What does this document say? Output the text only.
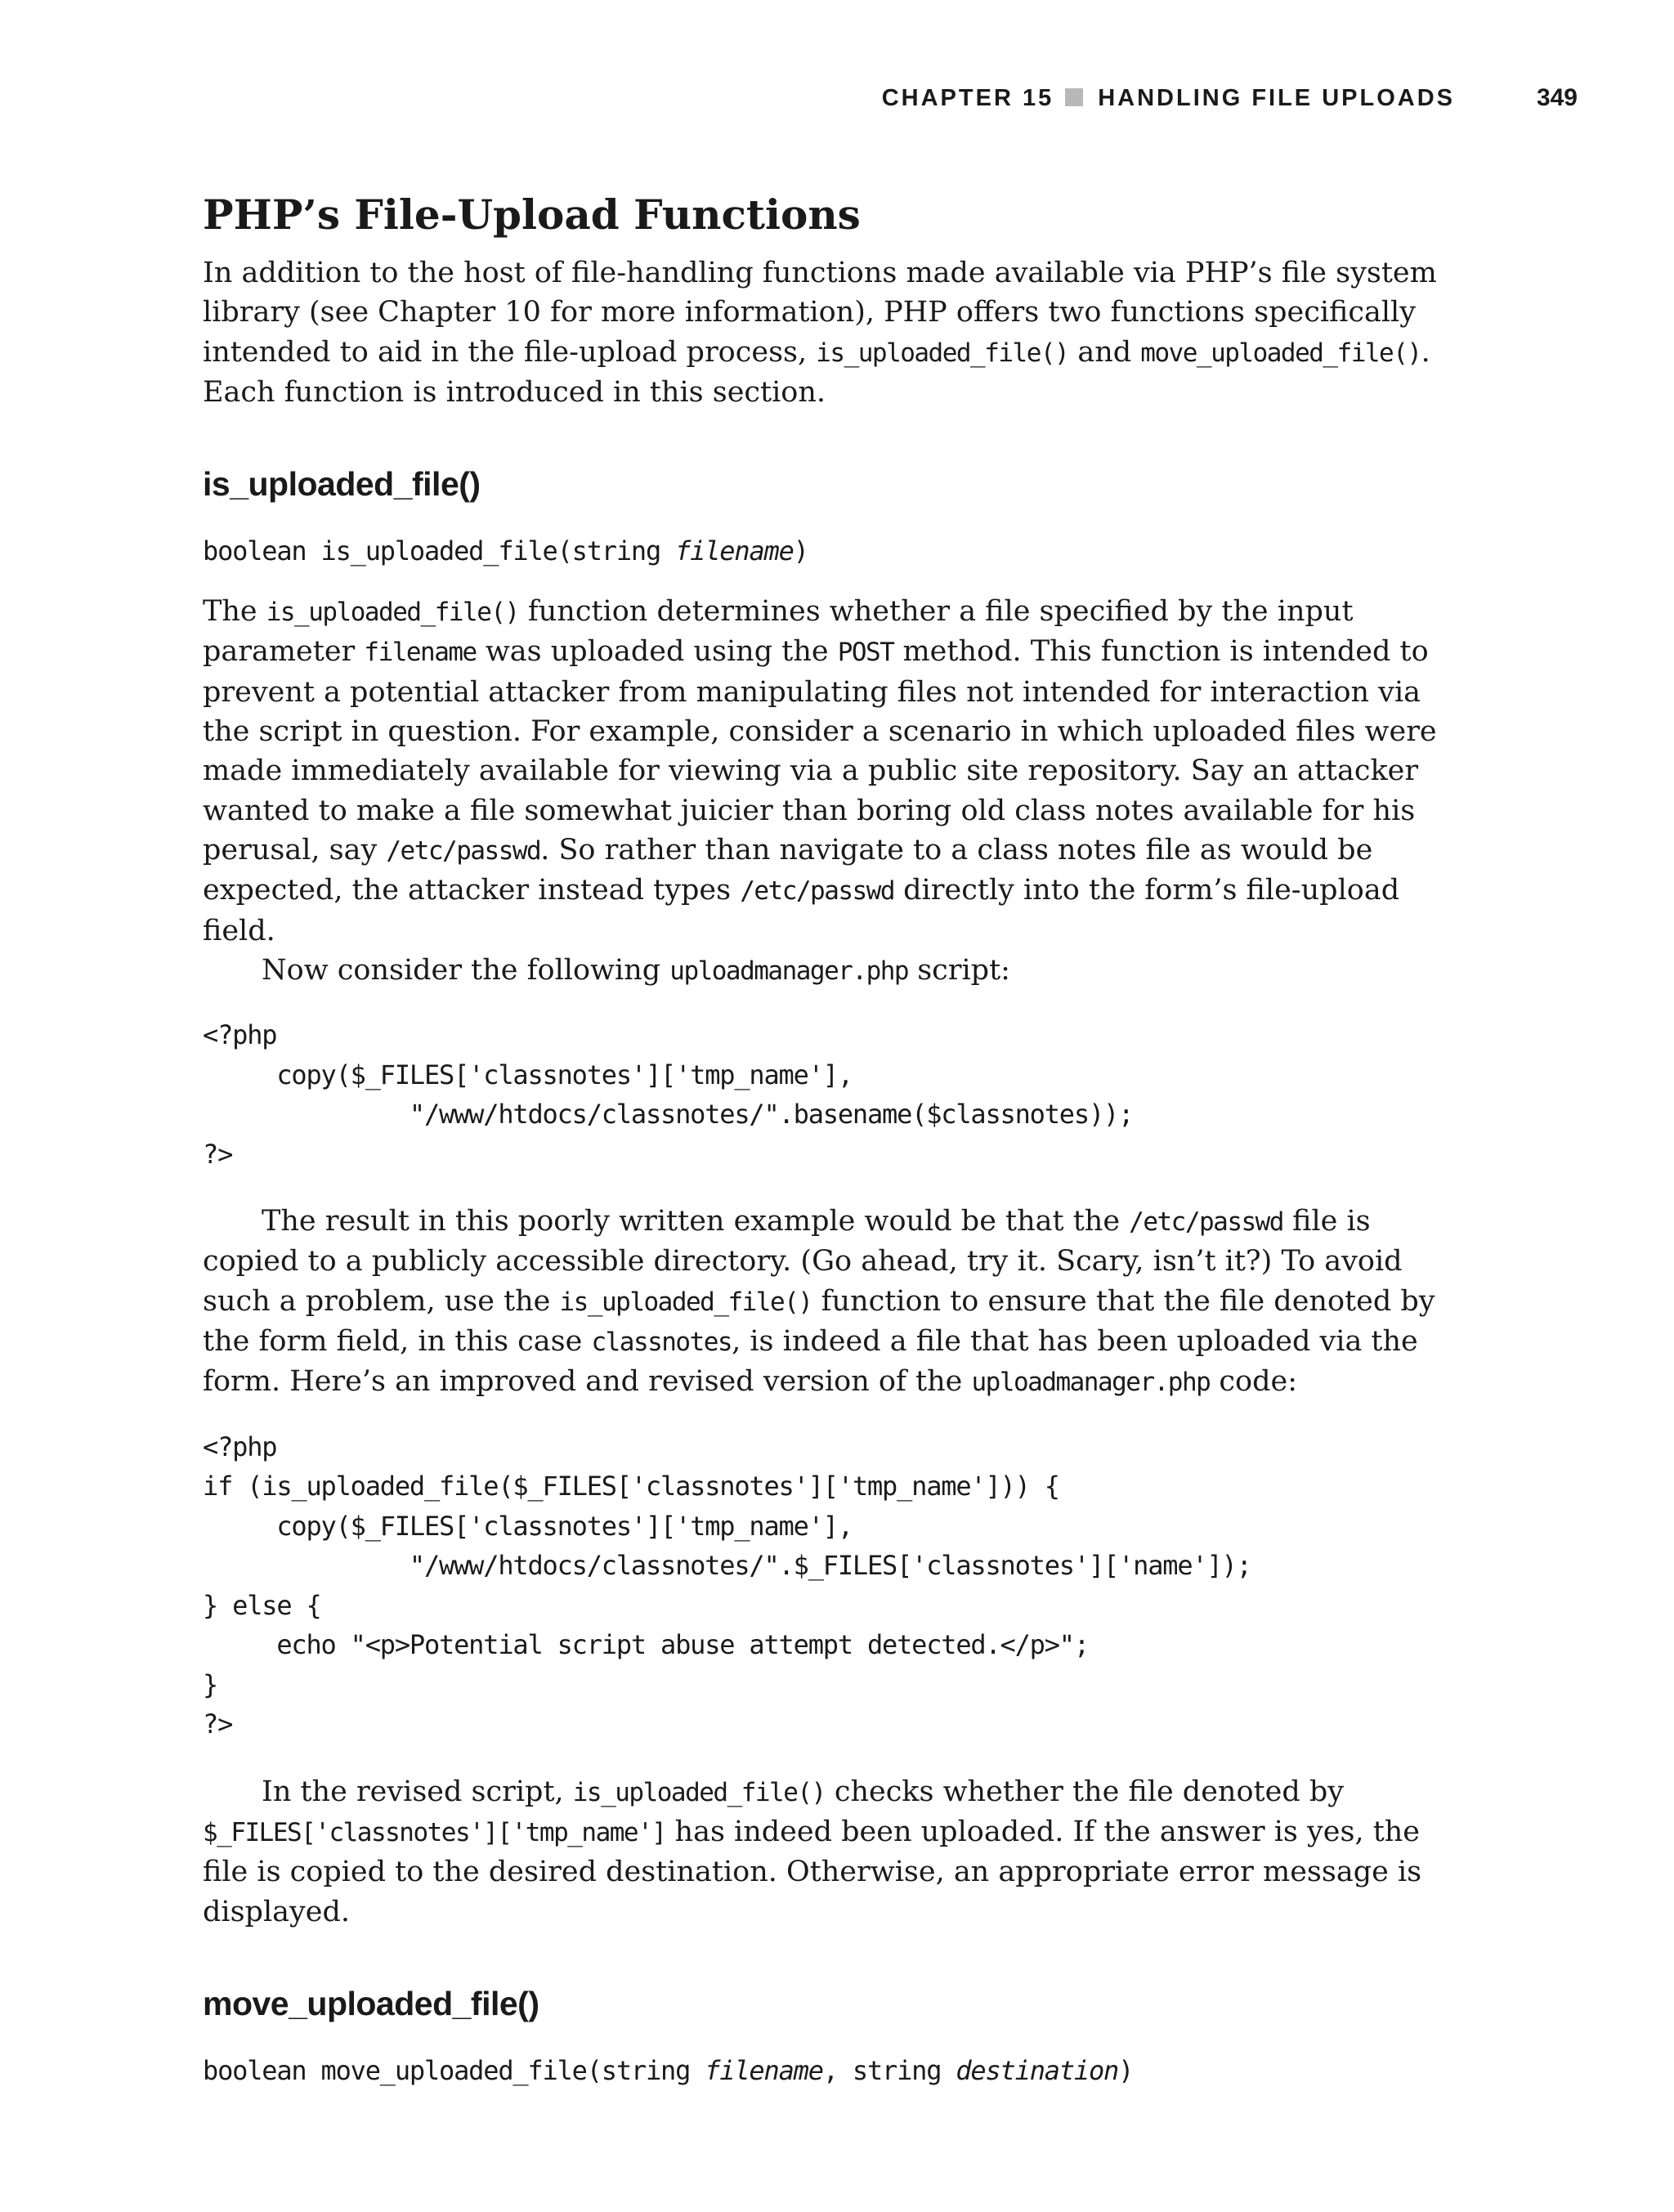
CHAPTER 15 HANDLING FILE UPLOADS	349
PHP’s File-Upload Functions

In addition to the host of file-handling functions made available via PHP’s file system library (see Chapter 10 for more information), PHP offers two functions specifically intended to aid in the file-upload process, is_uploaded_file() and move_uploaded_file(). Each function is introduced in this section.

is_uploaded_file()
boolean is_uploaded_file(string filename)

The is_uploaded_file() function determines whether a file specified by the input parameter filename was uploaded using the POST method. This function is intended to prevent a potential attacker from manipulating files not intended for interaction via the script in question. For example, consider a scenario in which uploaded files were made immediately available for viewing via a public site repository. Say an attacker wanted to make a file somewhat juicier than boring old class notes available for his perusal, say /etc/passwd. So rather than navigate to a class notes file as would be expected, the attacker instead types /etc/passwd directly into the form’s file-upload field.

Now consider the following uploadmanager.php script:

<?php
copy($_FILES['classnotes']['tmp_name'],
"/www/htdocs/classnotes/".basename($classnotes));
?>

The result in this poorly written example would be that the /etc/passwd file is copied to a publicly accessible directory. (Go ahead, try it. Scary, isn’t it?) To avoid such a problem, use the is_uploaded_file() function to ensure that the file denoted by the form field, in this case classnotes, is indeed a file that has been uploaded via the form. Here’s an improved and revised version of the uploadmanager.php code:

<?php
if (is_uploaded_file($_FILES['classnotes']['tmp_name'])) {
copy($_FILES['classnotes']['tmp_name'],
"/www/htdocs/classnotes/".$_FILES['classnotes']['name']);
} else {
echo "<p>Potential script abuse attempt detected.</p>";
}
?>

In the revised script, is_uploaded_file() checks whether the file denoted by $_FILES['classnotes']['tmp_name'] has indeed been uploaded. If the answer is yes, the file is copied to the desired destination. Otherwise, an appropriate error message is displayed.

move_uploaded_file()
boolean move_uploaded_file(string filename, string destination)
